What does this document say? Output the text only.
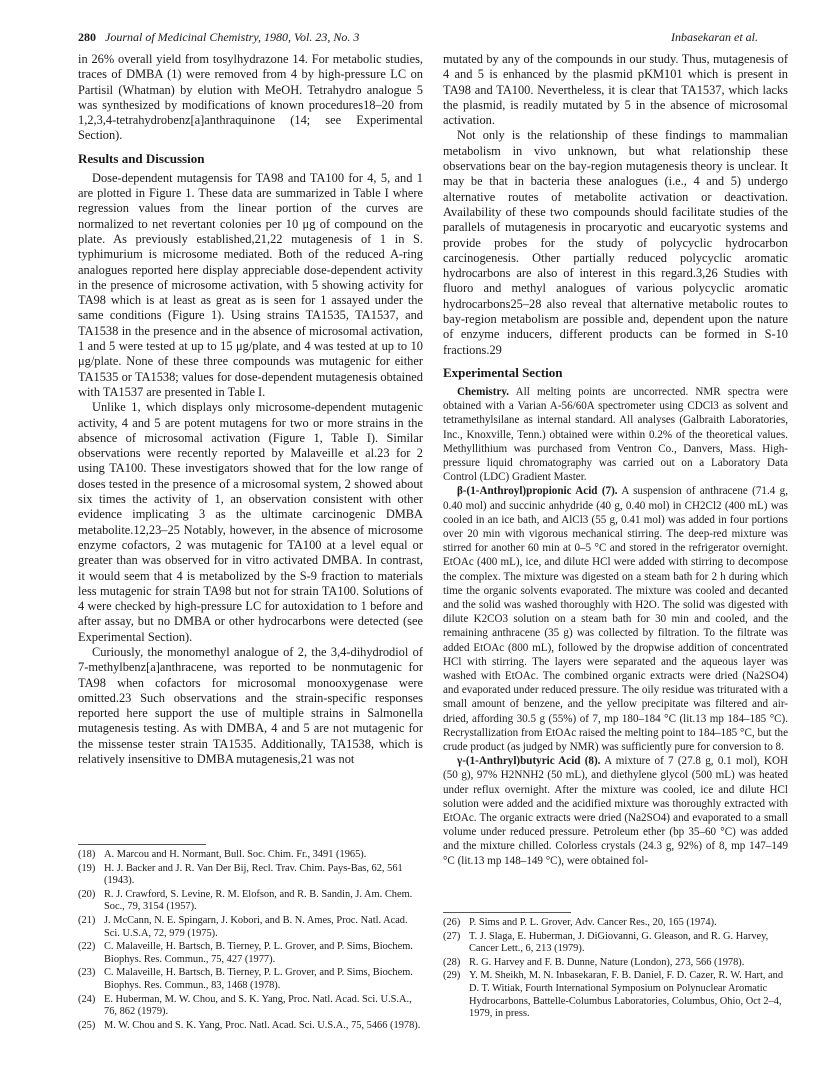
280 Journal of Medicinal Chemistry, 1980, Vol. 23, No. 3	Inbasekaran et al.

in 26% overall yield from tosylhydrazone 14. For metabolic studies, traces of DMBA (1) were removed from 4 by high-pressure LC on Partisil (Whatman) by elution with MeOH. Tetrahydro analogue 5 was synthesized by modifications of known procedures18–20 from 1,2,3,4-tetrahydrobenz[a]anthraquinone (14; see Experimental Section).

Results and Discussion

Dose-dependent mutagensis for TA98 and TA100 for 4, 5, and 1 are plotted in Figure 1. These data are summarized in Table I where regression values from the linear portion of the curves are normalized to net revertant colonies per 10 μg of compound on the plate. As previously established,21,22 mutagenesis of 1 in S. typhimurium is microsome mediated. Both of the reduced A-ring analogues reported here display appreciable dose-dependent activity in the presence of microsome activation, with 5 showing activity for TA98 which is at least as great as is seen for 1 assayed under the same conditions (Figure 1). Using strains TA1535, TA1537, and TA1538 in the presence and in the absence of microsomal activation, 1 and 5 were tested at up to 15 μg/plate, and 4 was tested at up to 10 μg/plate. None of these three compounds was mutagenic for either TA1535 or TA1538; values for dose-dependent mutagenesis obtained with TA1537 are presented in Table I.

Unlike 1, which displays only microsome-dependent mutagenic activity, 4 and 5 are potent mutagens for two or more strains in the absence of microsomal activation (Figure 1, Table I). Similar observations were recently reported by Malaveille et al.23 for 2 using TA100. These investigators showed that for the low range of doses tested in the presence of a microsomal system, 2 showed about six times the activity of 1, an observation consistent with other evidence implicating 3 as the ultimate carcinogenic DMBA metabolite.12,23–25 Notably, however, in the absence of microsome enzyme cofactors, 2 was mutagenic for TA100 at a level equal or greater than was observed for in vitro activated DMBA. In contrast, it would seem that 4 is metabolized by the S-9 fraction to materials less mutagenic for strain TA98 but not for strain TA100. Solutions of 4 were checked by high-pressure LC for autoxidation to 1 before and after assay, but no DMBA or other hydrocarbons were detected (see Experimental Section).

Curiously, the monomethyl analogue of 2, the 3,4-dihydrodiol of 7-methylbenz[a]anthracene, was reported to be nonmutagenic for TA98 when cofactors for microsomal monooxygenase were omitted.23 Such observations and the strain-specific responses reported here support the use of multiple strains in Salmonella mutagenesis testing. As with DMBA, 4 and 5 are not mutagenic for the missense tester strain TA1535. Additionally, TA1538, which is relatively insensitive to DMBA mutagenesis,21 was not

(18) A. Marcou and H. Normant, Bull. Soc. Chim. Fr., 3491 (1965).
(19) H. J. Backer and J. R. Van Der Bij, Recl. Trav. Chim. Pays-Bas, 62, 561 (1943).
(20) R. J. Crawford, S. Levine, R. M. Elofson, and R. B. Sandin, J. Am. Chem. Soc., 79, 3154 (1957).
(21) J. McCann, N. E. Spingarn, J. Kobori, and B. N. Ames, Proc. Natl. Acad. Sci. U.S.A, 72, 979 (1975).
(22) C. Malaveille, H. Bartsch, B. Tierney, P. L. Grover, and P. Sims, Biochem. Biophys. Res. Commun., 75, 427 (1977).
(23) C. Malaveille, H. Bartsch, B. Tierney, P. L. Grover, and P. Sims, Biochem. Biophys. Res. Commun., 83, 1468 (1978).
(24) E. Huberman, M. W. Chou, and S. K. Yang, Proc. Natl. Acad. Sci. U.S.A., 76, 862 (1979).
(25) M. W. Chou and S. K. Yang, Proc. Natl. Acad. Sci. U.S.A., 75, 5466 (1978).

mutated by any of the compounds in our study. Thus, mutagenesis of 4 and 5 is enhanced by the plasmid pKM101 which is present in TA98 and TA100. Nevertheless, it is clear that TA1537, which lacks the plasmid, is readily mutated by 5 in the absence of microsomal activation.

Not only is the relationship of these findings to mammalian metabolism in vivo unknown, but what relationship these observations bear on the bay-region mutagenesis theory is unclear. It may be that in bacteria these analogues (i.e., 4 and 5) undergo alternative routes of metabolite activation or deactivation. Availability of these two compounds should facilitate studies of the parallels of mutagenesis in procaryotic and eucaryotic systems and provide probes for the study of polycyclic hydrocarbon carcinogenesis. Other partially reduced polycyclic aromatic hydrocarbons are also of interest in this regard.3,26 Studies with fluoro and methyl analogues of various polycyclic aromatic hydrocarbons25–28 also reveal that alternative metabolic routes to bay-region metabolism are possible and, dependent upon the nature of enzyme inducers, different products can be formed in S-10 fractions.29

Experimental Section

Chemistry. All melting points are uncorrected. NMR spectra were obtained with a Varian A-56/60A spectrometer using CDCl3 as solvent and tetramethylsilane as internal standard. All analyses (Galbraith Laboratories, Inc., Knoxville, Tenn.) obtained were within 0.2% of the theoretical values. Methyllithium was purchased from Ventron Co., Danvers, Mass. High-pressure liquid chromatography was carried out on a Laboratory Data Control (LDC) Gradient Master.

β-(1-Anthroyl)propionic Acid (7). A suspension of anthracene (71.4 g, 0.40 mol) and succinic anhydride (40 g, 0.40 mol) in CH2Cl2 (400 mL) was cooled in an ice bath, and AlCl3 (55 g, 0.41 mol) was added in four portions over 20 min with vigorous mechanical stirring. The deep-red mixture was stirred for another 60 min at 0–5 °C and stored in the refrigerator overnight. EtOAc (400 mL), ice, and dilute HCl were added with stirring to decompose the complex. The mixture was digested on a steam bath for 2 h during which time the organic solvents evaporated. The mixture was cooled and decanted and the solid was washed thoroughly with H2O. The solid was digested with dilute K2CO3 solution on a steam bath for 30 min and cooled, and the remaining anthracene (35 g) was collected by filtration. To the filtrate was added EtOAc (800 mL), followed by the dropwise addition of concentrated HCl with stirring. The layers were separated and the aqueous layer was washed with EtOAc. The combined organic extracts were dried (Na2SO4) and evaporated under reduced pressure. The oily residue was triturated with a small amount of benzene, and the yellow precipitate was filtered and air-dried, affording 30.5 g (55%) of 7, mp 180–184 °C (lit.13 mp 184–185 °C). Recrystallization from EtOAc raised the melting point to 184–185 °C, but the crude product (as judged by NMR) was sufficiently pure for conversion to 8.

γ-(1-Anthryl)butyric Acid (8). A mixture of 7 (27.8 g, 0.1 mol), KOH (50 g), 97% H2NNH2 (50 mL), and diethylene glycol (500 mL) was heated under reflux overnight. After the mixture was cooled, ice and dilute HCl solution were added and the acidified mixture was thoroughly extracted with EtOAc. The organic extracts were dried (Na2SO4) and evaporated to a small volume under reduced pressure. Petroleum ether (bp 35–60 °C) was added and the mixture chilled. Colorless crystals (24.3 g, 92%) of 8, mp 147–149 °C (lit.13 mp 148–149 °C), were obtained fol-

(26) P. Sims and P. L. Grover, Adv. Cancer Res., 20, 165 (1974).
(27) T. J. Slaga, E. Huberman, J. DiGiovanni, G. Gleason, and R. G. Harvey, Cancer Lett., 6, 213 (1979).
(28) R. G. Harvey and F. B. Dunne, Nature (London), 273, 566 (1978).
(29) Y. M. Sheikh, M. N. Inbasekaran, F. B. Daniel, F. D. Cazer, R. W. Hart, and D. T. Witiak, Fourth International Symposium on Polynuclear Aromatic Hydrocarbons, Battelle-Columbus Laboratories, Columbus, Ohio, Oct 2–4, 1979, in press.
